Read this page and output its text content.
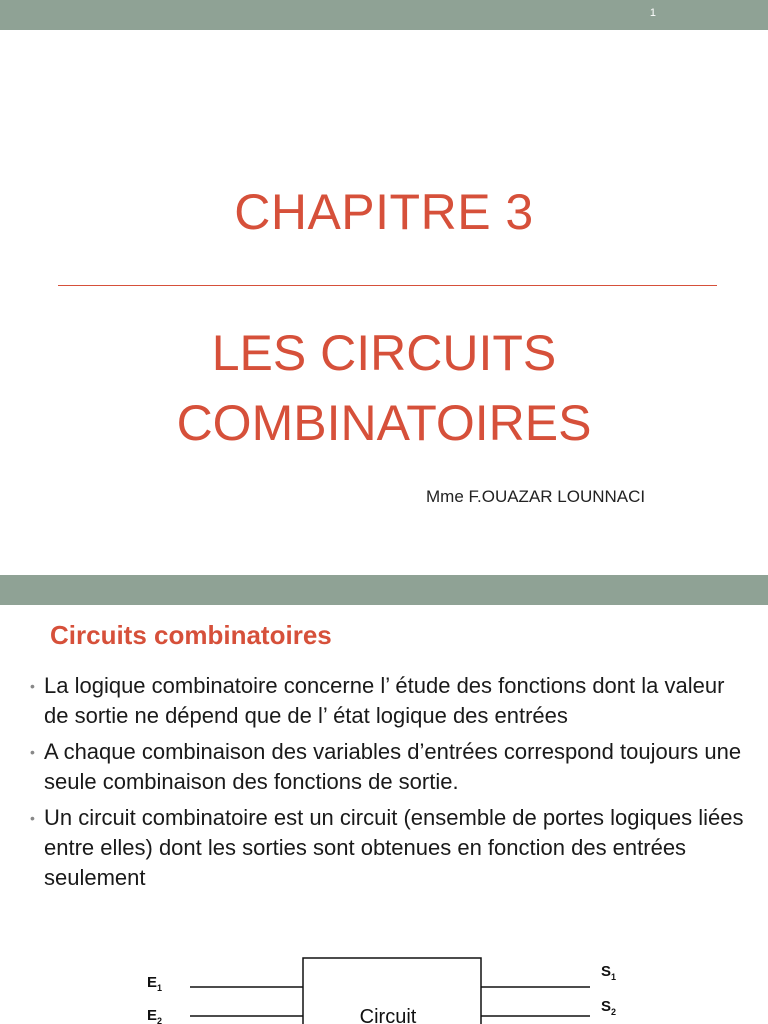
1
CHAPITRE 3
LES CIRCUITS
COMBINATOIRES
Mme F.OUAZAR LOUNNACI
Circuits combinatoires
• La logique combinatoire concerne l’ étude des fonctions dont la valeur de sortie ne dépend que de l’ état logique des entrées
• A chaque combinaison des variables d’entrées correspond toujours une seule combinaison des fonctions de sortie.
• Un circuit combinatoire est un circuit (ensemble de portes logiques liées entre elles) dont les sorties sont obtenues en fonction des entrées seulement
$E_1$
$E_2$
$S_1$
$S_2$
Circuit
